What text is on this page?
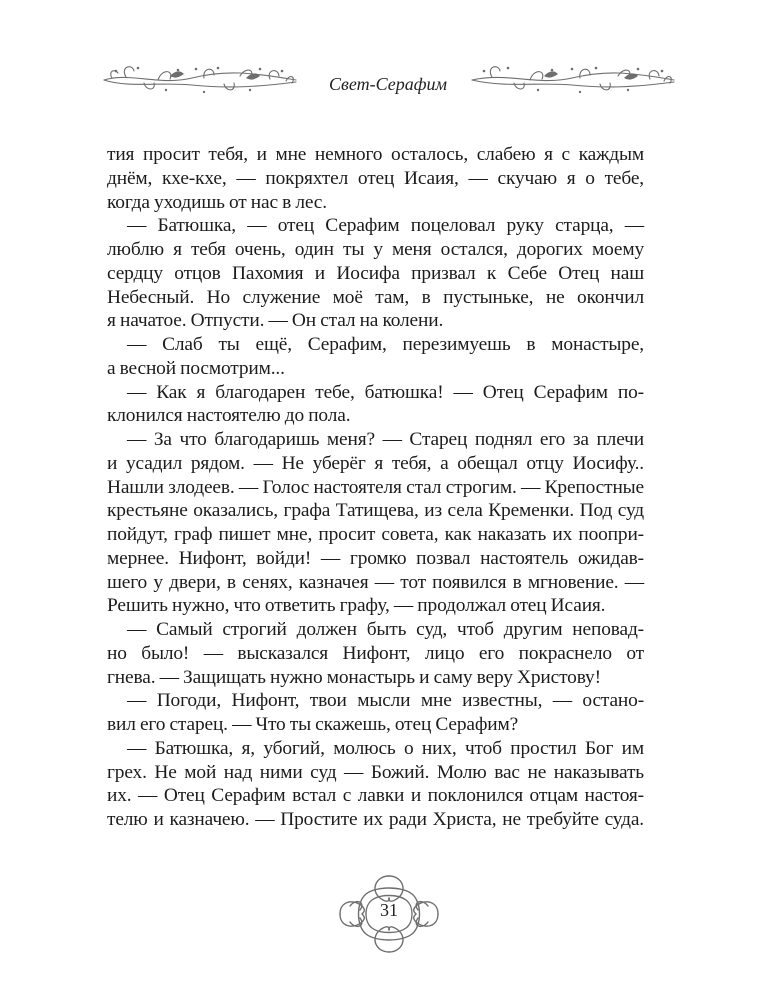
Свет-Серафим
тия просит тебя, и мне немного осталось, слабею я с каждым
днём, кхе-кхе, — покряхтел отец Исаия, — скучаю я о тебе,
когда уходишь от нас в лес.
— Батюшка, — отец Серафим поцеловал руку старца, —
люблю я тебя очень, один ты у меня остался, дорогих моему
сердцу отцов Пахомия и Иосифа призвал к Себе Отец наш
Небесный. Но служение моё там, в пустыньке, не окончил
я начатое. Отпусти. — Он стал на колени.
— Слаб ты ещё, Серафим, перезимуешь в монастыре,
а весной посмотрим...
— Как я благодарен тебе, батюшка! — Отец Серафим по-
клонился настоятелю до пола.
— За что благодаришь меня? — Старец поднял его за плечи
и усадил рядом. — Не уберёг я тебя, а обещал отцу Иосифу..
Нашли злодеев. — Голос настоятеля стал строгим. — Крепостные
крестьяне оказались, графа Татищева, из села Кременки. Под суд
пойдут, граф пишет мне, просит совета, как наказать их поопри-
мернее. Нифонт, войди! — громко позвал настоятель ожидав-
шего у двери, в сенях, казначея — тот появился в мгновение. —
Решить нужно, что ответить графу, — продолжал отец Исаия.
— Самый строгий должен быть суд, чтоб другим неповад-
но было! — высказался Нифонт, лицо его покраснело от
гнева. — Защищать нужно монастырь и саму веру Христову!
— Погоди, Нифонт, твои мысли мне известны, — остано-
вил его старец. — Что ты скажешь, отец Серафим?
— Батюшка, я, убогий, молюсь о них, чтоб простил Бог им
грех. Не мой над ними суд — Божий. Молю вас не наказывать
их. — Отец Серафим встал с лавки и поклонился отцам настоя-
телю и казначею. — Простите их ради Христа, не требуйте суда.
31
